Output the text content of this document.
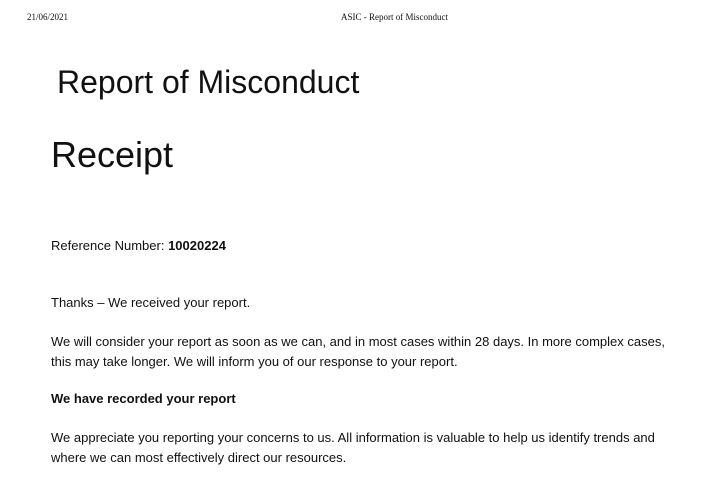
21/06/2021	ASIC - Report of Misconduct
Report of Misconduct
Receipt
Reference Number: 10020224

Thanks – We received your report.

We will consider your report as soon as we can, and in most cases within 28 days. In more complex cases, this may take longer. We will inform you of our response to your report.

We have recorded your report

We appreciate you reporting your concerns to us. All information is valuable to help us identify trends and where we can most effectively direct our resources.
